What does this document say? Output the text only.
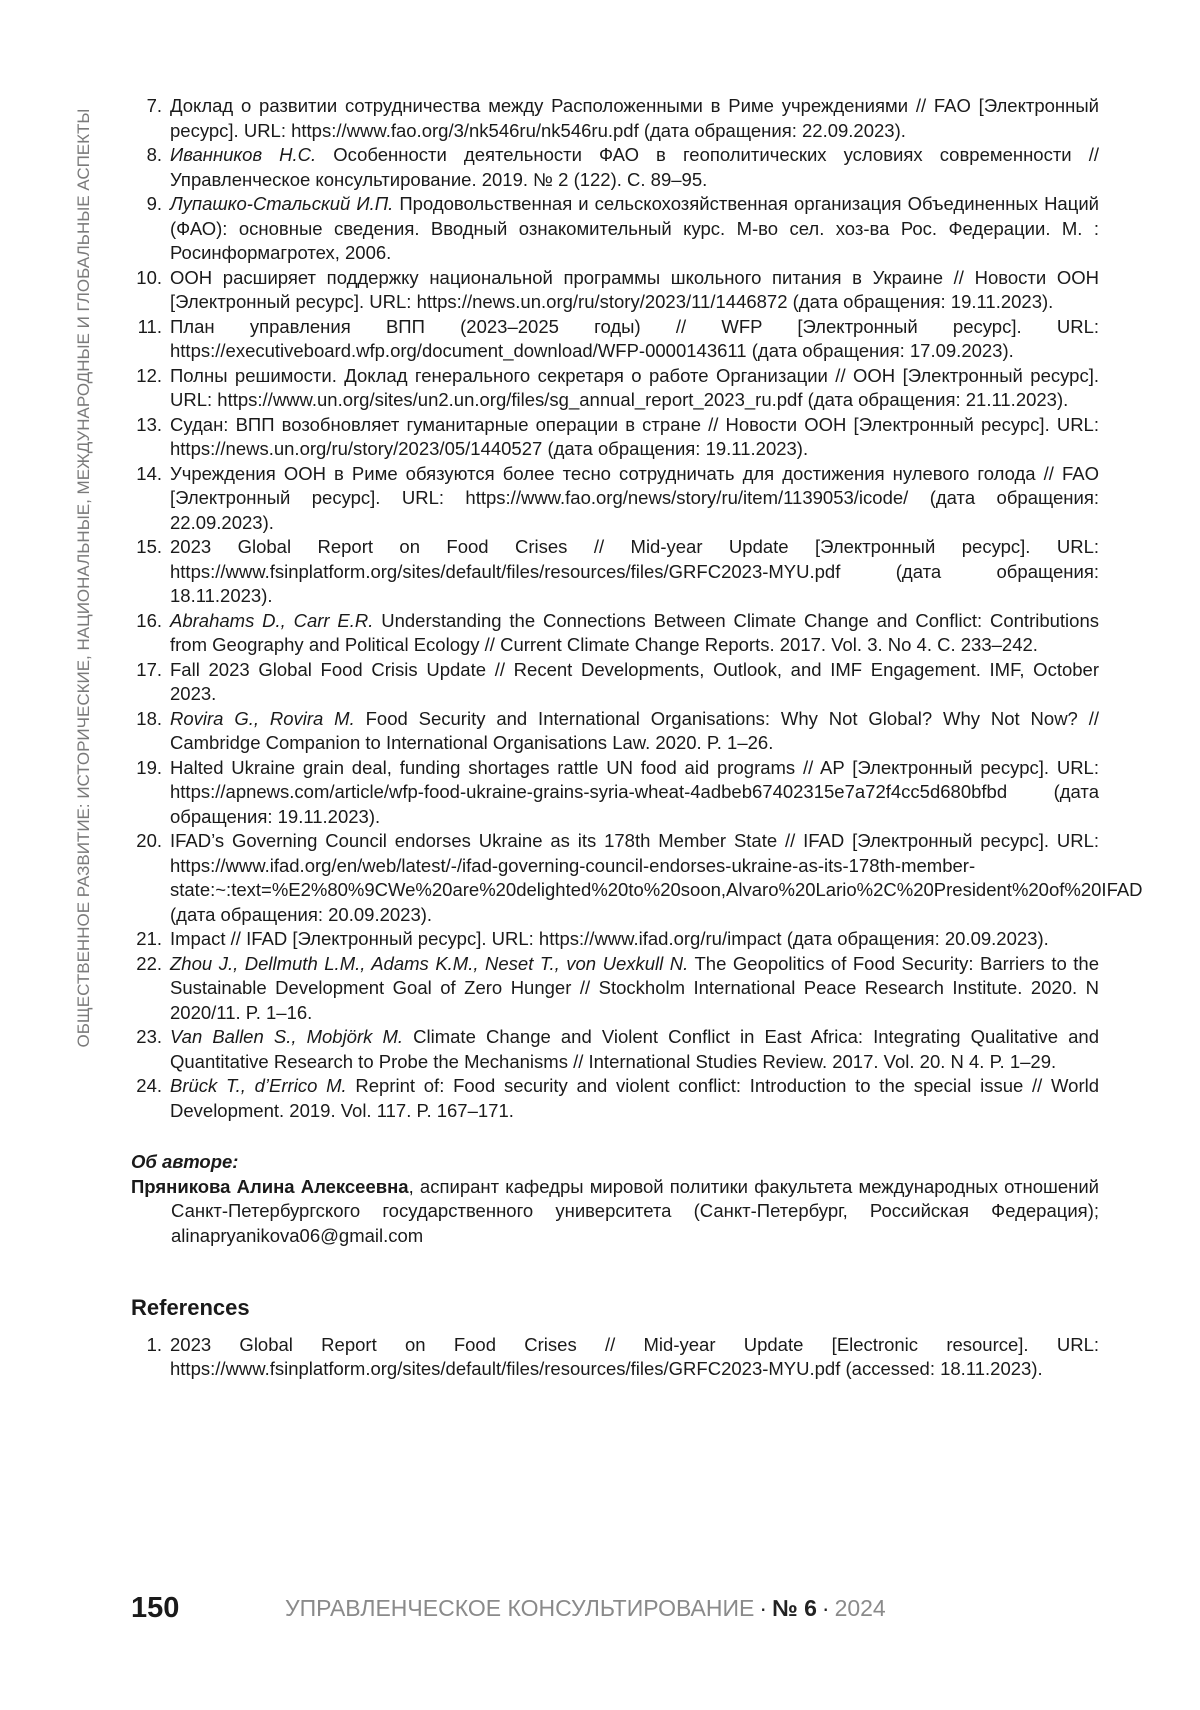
ОБЩЕСТВЕННОЕ РАЗВИТИЕ: ИСТОРИЧЕСКИЕ, НАЦИОНАЛЬНЫЕ, МЕЖДУНАРОДНЫЕ И ГЛОБАЛЬНЫЕ АСПЕКТЫ
7. Доклад о развитии сотрудничества между Расположенными в Риме учреждениями // FAO [Электронный ресурс]. URL: https://www.fao.org/3/nk546ru/nk546ru.pdf (дата обращения: 22.09.2023).
8. Иванников Н.С. Особенности деятельности ФАО в геополитических условиях современности // Управленческое консультирование. 2019. № 2 (122). С. 89–95.
9. Лупашко-Стальский И.П. Продовольственная и сельскохозяйственная организация Объединенных Наций (ФАО): основные сведения. Вводный ознакомительный курс. М-во сел. хоз-ва Рос. Федерации. М. : Росинформагротех, 2006.
10. ООН расширяет поддержку национальной программы школьного питания в Украине // Новости ООН [Электронный ресурс]. URL: https://news.un.org/ru/story/2023/11/1446872 (дата обращения: 19.11.2023).
11. План управления ВПП (2023–2025 годы) // WFP [Электронный ресурс]. URL: https://executiveboard.wfp.org/document_download/WFP-0000143611 (дата обращения: 17.09.2023).
12. Полны решимости. Доклад генерального секретаря о работе Организации // ООН [Электронный ресурс]. URL: https://www.un.org/sites/un2.un.org/files/sg_annual_report_2023_ru.pdf (дата обращения: 21.11.2023).
13. Судан: ВПП возобновляет гуманитарные операции в стране // Новости ООН [Электронный ресурс]. URL: https://news.un.org/ru/story/2023/05/1440527 (дата обращения: 19.11.2023).
14. Учреждения ООН в Риме обязуются более тесно сотрудничать для достижения нулевого голода // FAO [Электронный ресурс]. URL: https://www.fao.org/news/story/ru/item/1139053/icode/ (дата обращения: 22.09.2023).
15. 2023 Global Report on Food Crises // Mid-year Update [Электронный ресурс]. URL: https://www.fsinplatform.org/sites/default/files/resources/files/GRFC2023-MYU.pdf (дата обращения: 18.11.2023).
16. Abrahams D., Carr E.R. Understanding the Connections Between Climate Change and Conflict: Contributions from Geography and Political Ecology // Current Climate Change Reports. 2017. Vol. 3. No 4. С. 233–242.
17. Fall 2023 Global Food Crisis Update // Recent Developments, Outlook, and IMF Engagement. IMF, October 2023.
18. Rovira G., Rovira M. Food Security and International Organisations: Why Not Global? Why Not Now? // Cambridge Companion to International Organisations Law. 2020. P. 1–26.
19. Halted Ukraine grain deal, funding shortages rattle UN food aid programs // AP [Электронный ресурс]. URL: https://apnews.com/article/wfp-food-ukraine-grains-syria-wheat-4adbeb67402315e7a72f4cc5d680bfbd (дата обращения: 19.11.2023).
20. IFAD’s Governing Council endorses Ukraine as its 178th Member State // IFAD [Электронный ресурс]. URL: https://www.ifad.org/en/web/latest/-/ifad-governing-council-endorses-ukraine-as-its-178th-member-state:~:text=%E2%80%9CWe%20are%20delighted%20to%20soon,Alvaro%20Lario%2C%20President%20of%20IFAD (дата обращения: 20.09.2023).
21. Impact // IFAD [Электронный ресурс]. URL: https://www.ifad.org/ru/impact (дата обращения: 20.09.2023).
22. Zhou J., Dellmuth L.M., Adams K.M., Neset T., von Uexkull N. The Geopolitics of Food Security: Barriers to the Sustainable Development Goal of Zero Hunger // Stockholm International Peace Research Institute. 2020. N 2020/11. P. 1–16.
23. Van Ballen S., Mobjörk M. Climate Change and Violent Conflict in East Africa: Integrating Qualitative and Quantitative Research to Probe the Mechanisms // International Studies Review. 2017. Vol. 20. N 4. P. 1–29.
24. Brück T., d’Errico M. Reprint of: Food security and violent conflict: Introduction to the special issue // World Development. 2019. Vol. 117. P. 167–171.
Об авторе:
Пряникова Алина Алексеевна, аспирант кафедры мировой политики факультета международных отношений Санкт-Петербургского государственного университета (Санкт-Петербург, Российская Федерация); alinapryanikova06@gmail.com
References
1. 2023 Global Report on Food Crises // Mid-year Update [Electronic resource]. URL: https://www.fsinplatform.org/sites/default/files/resources/files/GRFC2023-MYU.pdf (accessed: 18.11.2023).
150	УПРАВЛЕНЧЕСКОЕ КОНСУЛЬТИРОВАНИЕ · № 6 · 2024
